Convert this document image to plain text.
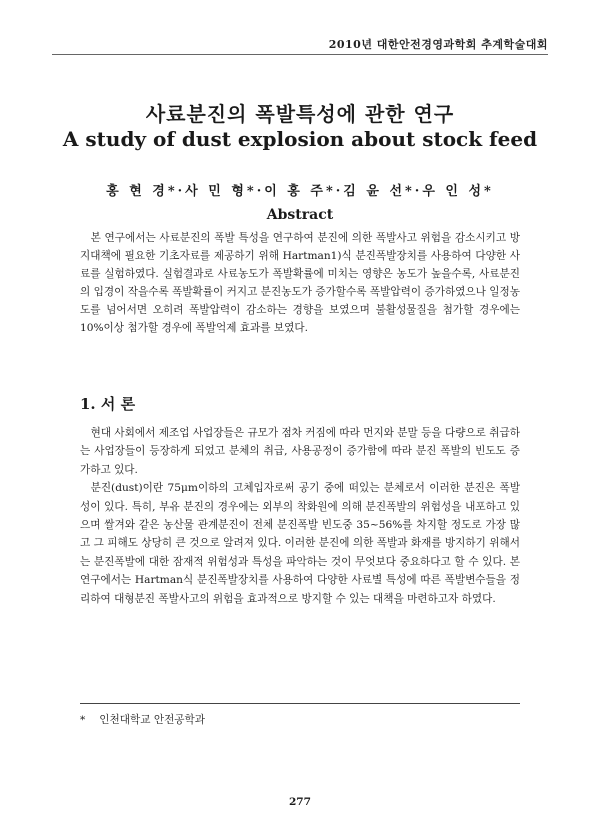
2010년 대한안전경영과학회 추계학술대회
사료분진의 폭발특성에 관한 연구
A study of dust explosion about stock feed
홍 현 경*·사 민 형*·이 홍 주*·김 윤 선*·우 인 성*
Abstract

본 연구에서는 사료분진의 폭발 특성을 연구하여 분진에 의한 폭발사고 위험을 감소시키고 방지대책에 필요한 기초자료를 제공하기 위해 Hartman1)식 분진폭발장치를 사용하여 다양한 사료를 실험하였다. 실험결과로 사료농도가 폭발확률에 미치는 영향은 농도가 높을수록, 사료분진의 입경이 작을수록 폭발확률이 커지고 분진농도가 증가할수록 폭발압력이 증가하였으나 일정농도를 넘어서면 오히려 폭발압력이 감소하는 경향을 보였으며 불활성물질을 첨가할 경우에는 10%이상 첨가할 경우에 폭발억제 효과를 보였다.

1. 서 론

현대 사회에서 제조업 사업장들은 규모가 점차 커짐에 따라 먼지와 분말 등을 다량으로 취급하는 사업장들이 등장하게 되었고 분체의 취급, 사용공정이 증가함에 따라 분진 폭발의 빈도도 증가하고 있다.

분진(dust)이란 75μm이하의 고체입자로써 공기 중에 떠있는 분체로서 이러한 분진은 폭발성이 있다. 특히, 부유 분진의 경우에는 외부의 착화원에 의해 분진폭발의 위험성을 내포하고 있으며 쌀겨와 같은 농산물 관계분진이 전체 분진폭발 빈도중 35~56%를 차지할 정도로 가장 많고 그 피해도 상당히 큰 것으로 알려져 있다. 이러한 분진에 의한 폭발과 화재를 방지하기 위해서는 분진폭발에 대한 잠재적 위험성과 특성을 파악하는 것이 무엇보다 중요하다고 할 수 있다. 본 연구에서는 Hartman식 분진폭발장치를 사용하여 다양한 사료별 특성에 따른 폭발변수들을 정리하여 대형분진 폭발사고의 위험을 효과적으로 방지할 수 있는 대책을 마련하고자 하였다.

* 인천대학교 안전공학과
277
